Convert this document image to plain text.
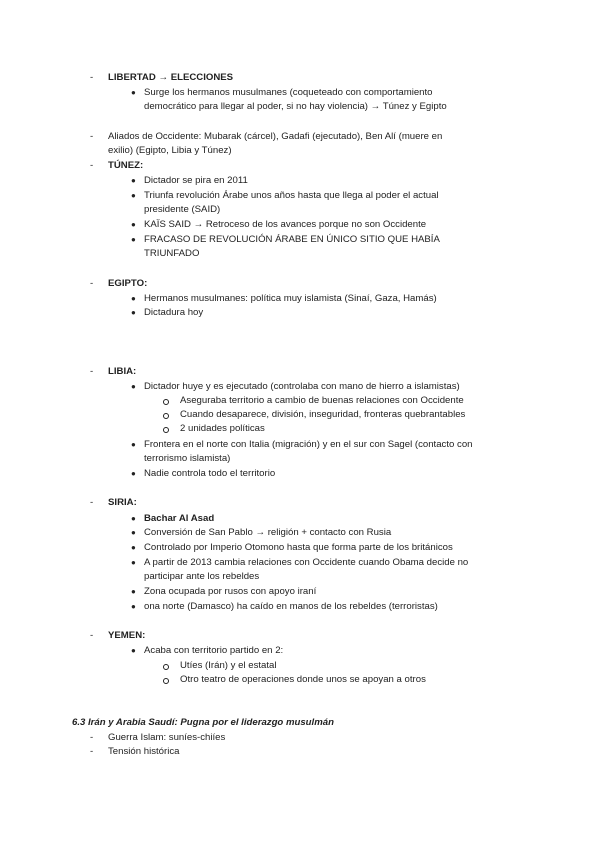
- LIBERTAD → ELECCIONES
● Surge los hermanos musulmanes (coqueteado con comportamiento
democrático para llegar al poder, si no hay violencia) → Túnez y Egipto
- Aliados de Occidente: Mubarak (cárcel), Gadafi (ejecutado), Ben Alí (muere en
exilio) (Egipto, Libia y Túnez)
- TÚNEZ:
● Dictador se pira en 2011
● Triunfa revolución Árabe unos años hasta que llega al poder el actual
presidente (SAID)
● KAÏS SAID → Retroceso de los avances porque no son Occidente
● FRACASO DE REVOLUCIÓN ÁRABE EN ÚNICO SITIO QUE HABÍA
TRIUNFADO
- EGIPTO:
● Hermanos musulmanes: política muy islamista (Sinaí, Gaza, Hamás)
● Dictadura hoy
- LIBIA:
● Dictador huye y es ejecutado (controlaba con mano de hierro a islamistas)
Aseguraba territorio a cambio de buenas relaciones con Occidente
Cuando desaparece, división, inseguridad, fronteras quebrantables
2 unidades políticas
● Frontera en el norte con Italia (migración) y en el sur con Sagel (contacto con
terrorismo islamista)
● Nadie controla todo el territorio
- SIRIA:
● Bachar Al Asad
● Conversión de San Pablo → religión + contacto con Rusia
● Controlado por Imperio Otomono hasta que forma parte de los británicos
● A partir de 2013 cambia relaciones con Occidente cuando Obama decide no
participar ante los rebeldes
● Zona ocupada por rusos con apoyo iraní
● ona norte (Damasco) ha caído en manos de los rebeldes (terroristas)
- YEMEN:
● Acaba con territorio partido en 2:
Utíes (Irán) y el estatal
Otro teatro de operaciones donde unos se apoyan a otros
6.3 Irán y Arabia Saudí: Pugna por el liderazgo musulmán
- Guerra Islam: suníes-chiíes
- Tensión histórica
